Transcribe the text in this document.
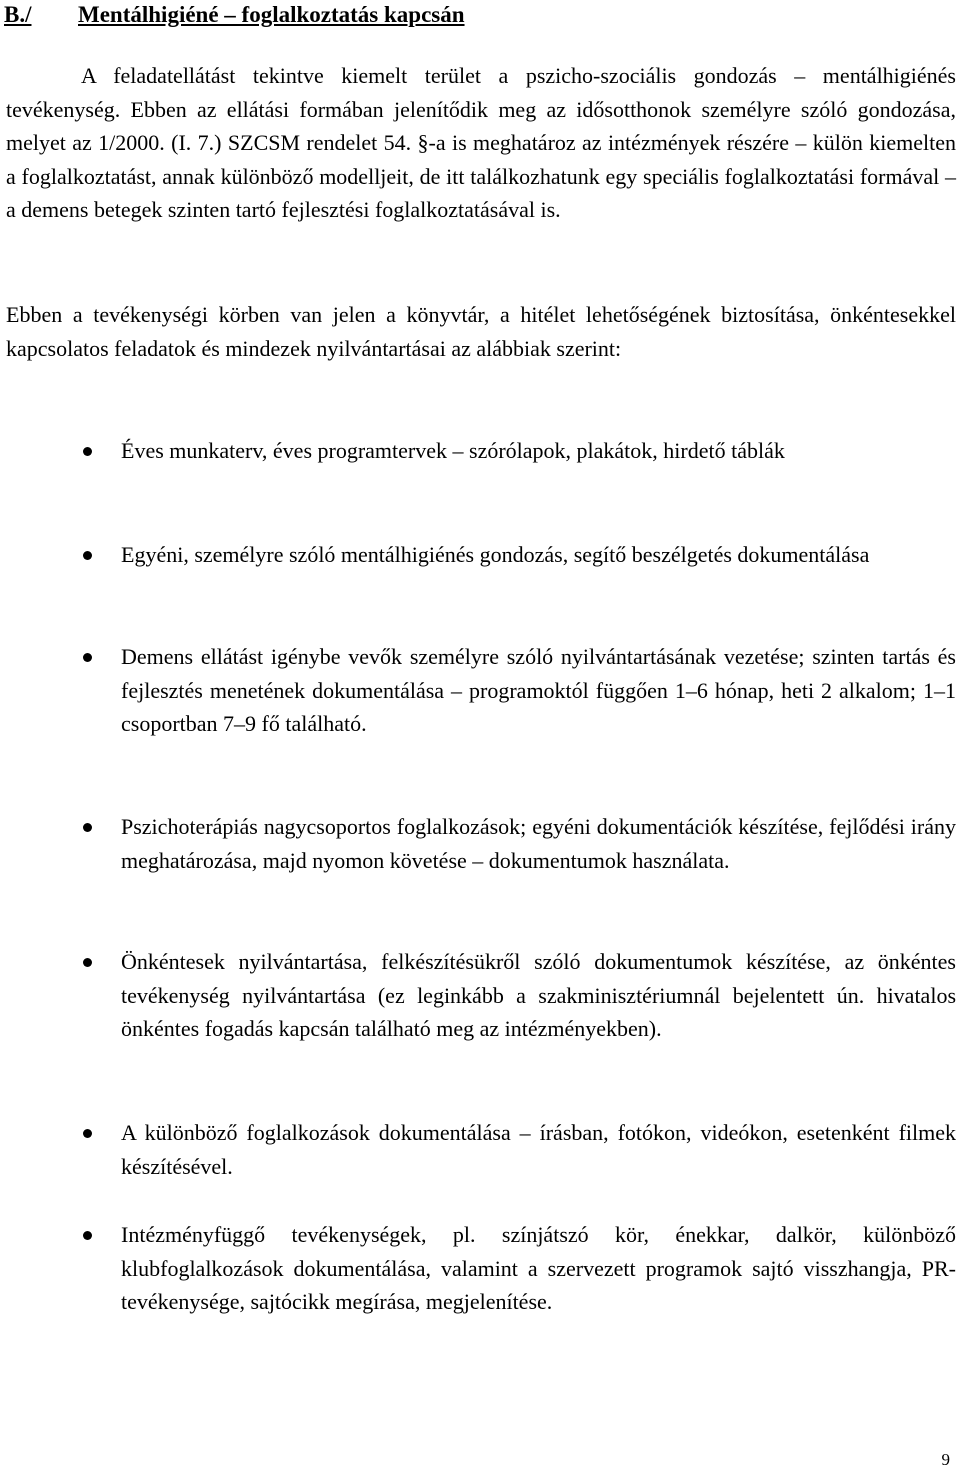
B./ Mentálhigiéné – foglalkoztatás kapcsán

A feladatellátást tekintve kiemelt terület a pszicho-szociális gondozás – mentálhigiénés tevékenység. Ebben az ellátási formában jelenítődik meg az idősotthonok személyre szóló gondozása, melyet az 1/2000. (I. 7.) SZCSM rendelet 54. §-a is meghatároz az intézmények részére – külön kiemelten a foglalkoztatást, annak különböző modelljeit, de itt találkozhatunk egy speciális foglalkoztatási formával – a demens betegek szinten tartó fejlesztési foglalkoztatásával is.

Ebben a tevékenységi körben van jelen a könyvtár, a hitélet lehetőségének biztosítása, önkéntesekkel kapcsolatos feladatok és mindezek nyilvántartásai az alábbiak szerint:

Éves munkaterv, éves programtervek – szórólapok, plakátok, hirdető táblák
Egyéni, személyre szóló mentálhigiénés gondozás, segítő beszélgetés dokumentálása
Demens ellátást igénybe vevők személyre szóló nyilvántartásának vezetése; szinten tartás és fejlesztés menetének dokumentálása – programoktól függően 1–6 hónap, heti 2 alkalom; 1–1 csoportban 7–9 fő található.
Pszichoterápiás nagycsoportos foglalkozások; egyéni dokumentációk készítése, fejlődési irány meghatározása, majd nyomon követése – dokumentumok használata.
Önkéntesek nyilvántartása, felkészítésükről szóló dokumentumok készítése, az önkéntes tevékenység nyilvántartása (ez leginkább a szakminisztériumnál bejelentett ún. hivatalos önkéntes fogadás kapcsán található meg az intézményekben).
A különböző foglalkozások dokumentálása – írásban, fotókon, videókon, esetenként filmek készítésével.
Intézményfüggő tevékenységek, pl. színjátszó kör, énekkar, dalkör, különböző klubfoglalkozások dokumentálása, valamint a szervezett programok sajtó visszhangja, PR-tevékenysége, sajtócikk megírása, megjelenítése.
9
